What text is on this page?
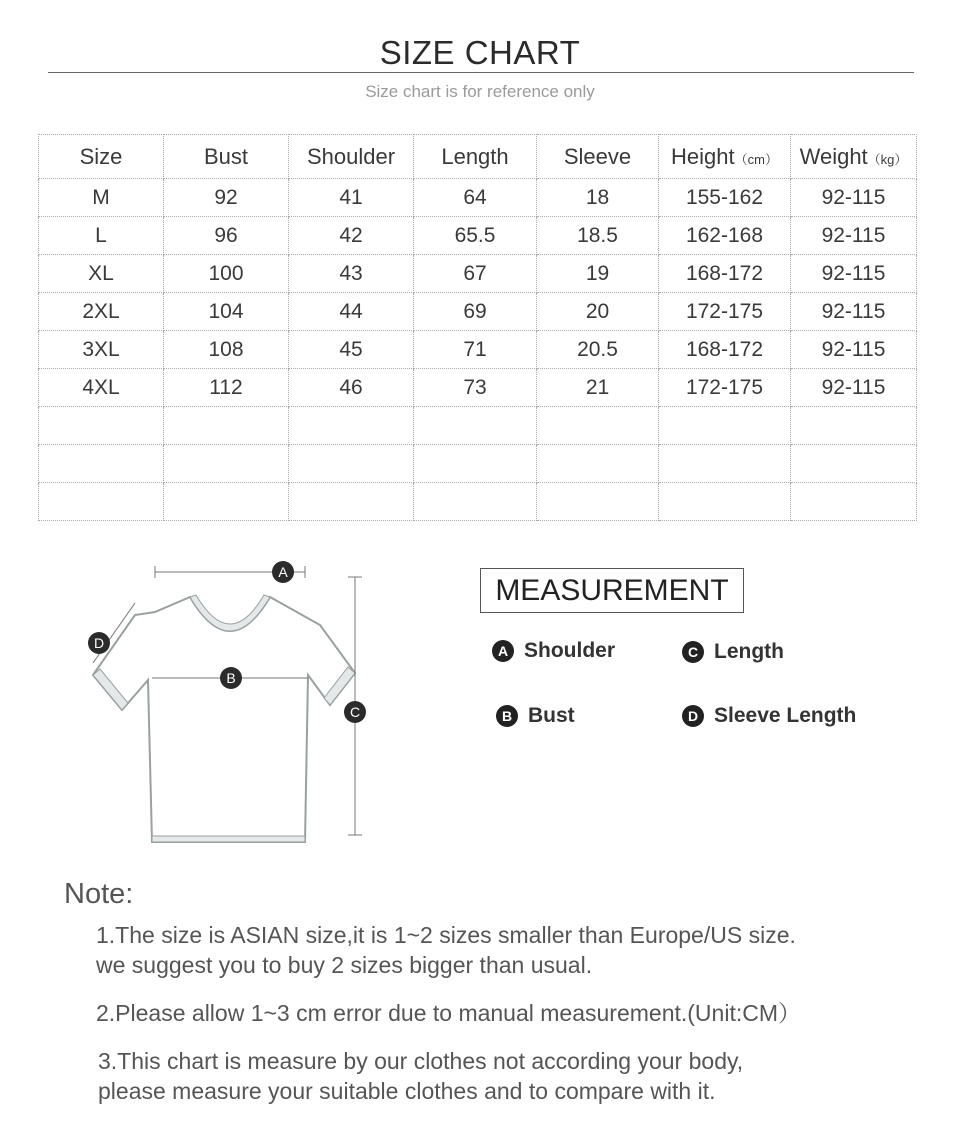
SIZE CHART
Size chart is for reference only
Size	Bust	Shoulder	Length	Sleeve	Height（cm）	Weight（kg）
M	92	41	64	18	155-162	92-115
L	96	42	65.5	18.5	162-168	92-115
XL	100	43	67	19	168-172	92-115
2XL	104	44	69	20	172-175	92-115
3XL	108	45	71	20.5	168-172	92-115
4XL	112	46	73	21	172-175	92-115

A
B
C
D
MEASUREMENT
A Shoulder	C Length
B Bust	D Sleeve Length
Note:
1.The size is ASIAN size,it is 1~2 sizes smaller than Europe/US size.
we suggest you to buy 2 sizes bigger than usual.
2.Please allow 1~3 cm error due to manual measurement.(Unit:CM）
3.This chart is measure by our clothes not according your body,
please measure your suitable clothes and to compare with it.
